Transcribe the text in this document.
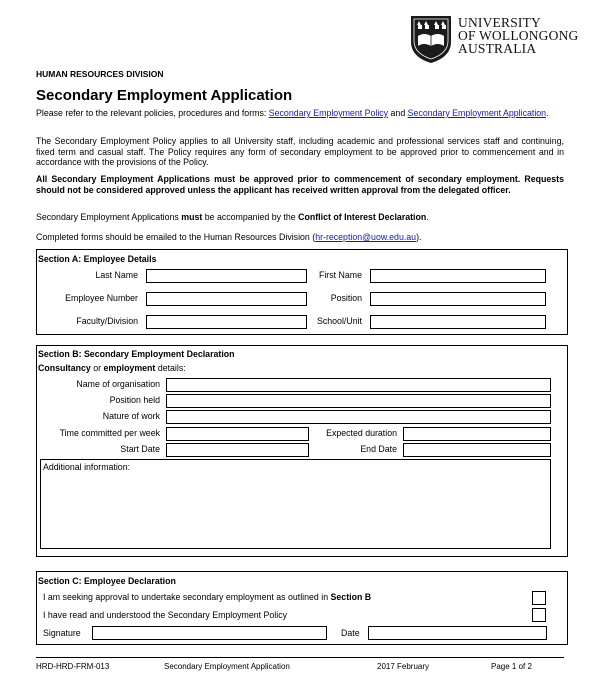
UNIVERSITY
OF WOLLONGONG
AUSTRALIA
HUMAN RESOURCES DIVISION
Secondary Employment Application
Please refer to the relevant policies, procedures and forms: Secondary Employment Policy and Secondary Employment Application.
The Secondary Employment Policy applies to all University staff, including academic and professional services staff and continuing, fixed term and casual staff. The Policy requires any form of secondary employment to be approved prior to commencement and in accordance with the provisions of the Policy.
All Secondary Employment Applications must be approved prior to commencement of secondary employment. Requests should not be considered approved unless the applicant has received written approval from the delegated officer.
Secondary Employment Applications must be accompanied by the Conflict of Interest Declaration.
Completed forms should be emailed to the Human Resources Division (hr-reception@uow.edu.au).
Section A: Employee Details
Last Name	First Name
Employee Number	Position
Faculty/Division	School/Unit
Section B: Secondary Employment Declaration
Consultancy or employment details:
Name of organisation
Position held
Nature of work
Time committed per week	Expected duration
Start Date	End Date
Additional information:
Section C: Employee Declaration
I am seeking approval to undertake secondary employment as outlined in Section B
I have read and understood the Secondary Employment Policy
Signature	Date
HRD-HRD-FRM-013	Secondary Employment Application	2017 February	Page 1 of 2
